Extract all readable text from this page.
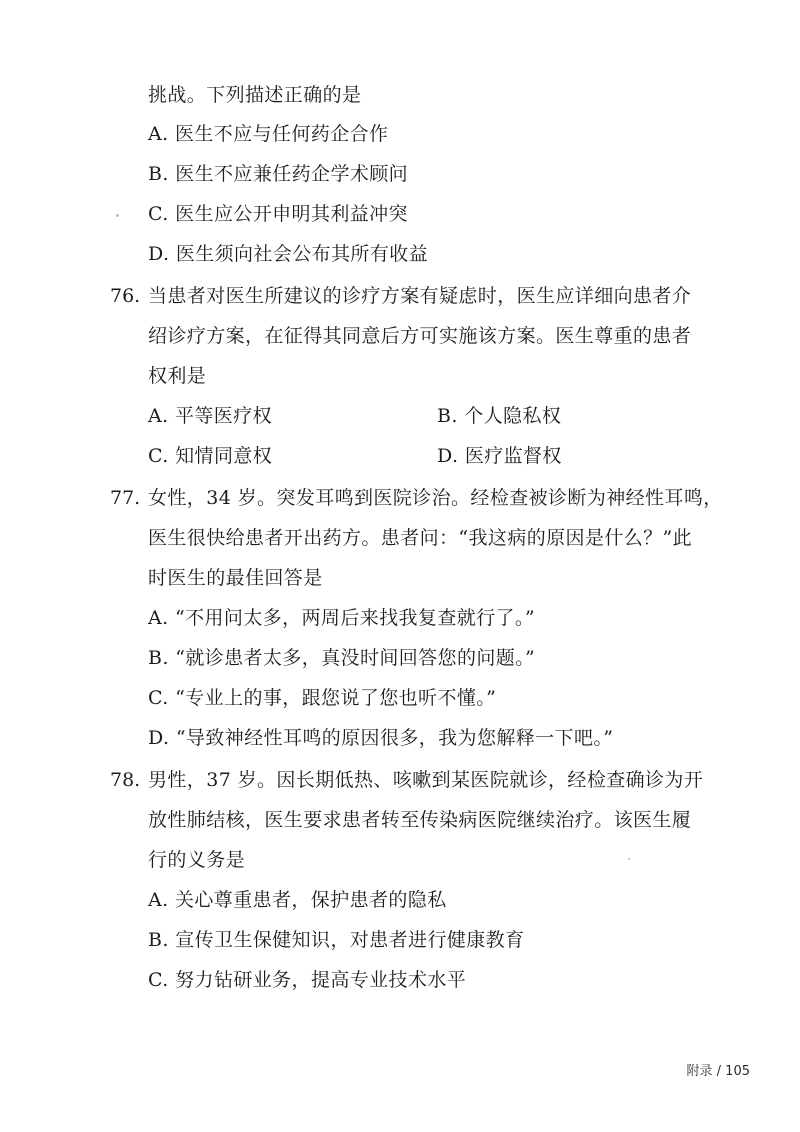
挑战。下列描述正确的是
A. 医生不应与任何药企合作
B. 医生不应兼任药企学术顾问
C. 医生应公开申明其利益冲突
D. 医生须向社会公布其所有收益
76. 当患者对医生所建议的诊疗方案有疑虑时，医生应详细向患者介
绍诊疗方案，在征得其同意后方可实施该方案。医生尊重的患者
权利是
A. 平等医疗权	B. 个人隐私权
C. 知情同意权	D. 医疗监督权
77. 女性，34 岁。突发耳鸣到医院诊治。经检查被诊断为神经性耳鸣，
医生很快给患者开出药方。患者问：“我这病的原因是什么？”此
时医生的最佳回答是
A. “不用问太多，两周后来找我复查就行了。”
B. “就诊患者太多，真没时间回答您的问题。”
C. “专业上的事，跟您说了您也听不懂。”
D. “导致神经性耳鸣的原因很多，我为您解释一下吧。”
78. 男性，37 岁。因长期低热、咳嗽到某医院就诊，经检查确诊为开
放性肺结核，医生要求患者转至传染病医院继续治疗。该医生履
行的义务是
A. 关心尊重患者，保护患者的隐私
B. 宣传卫生保健知识，对患者进行健康教育
C. 努力钻研业务，提高专业技术水平
附录 / 105
